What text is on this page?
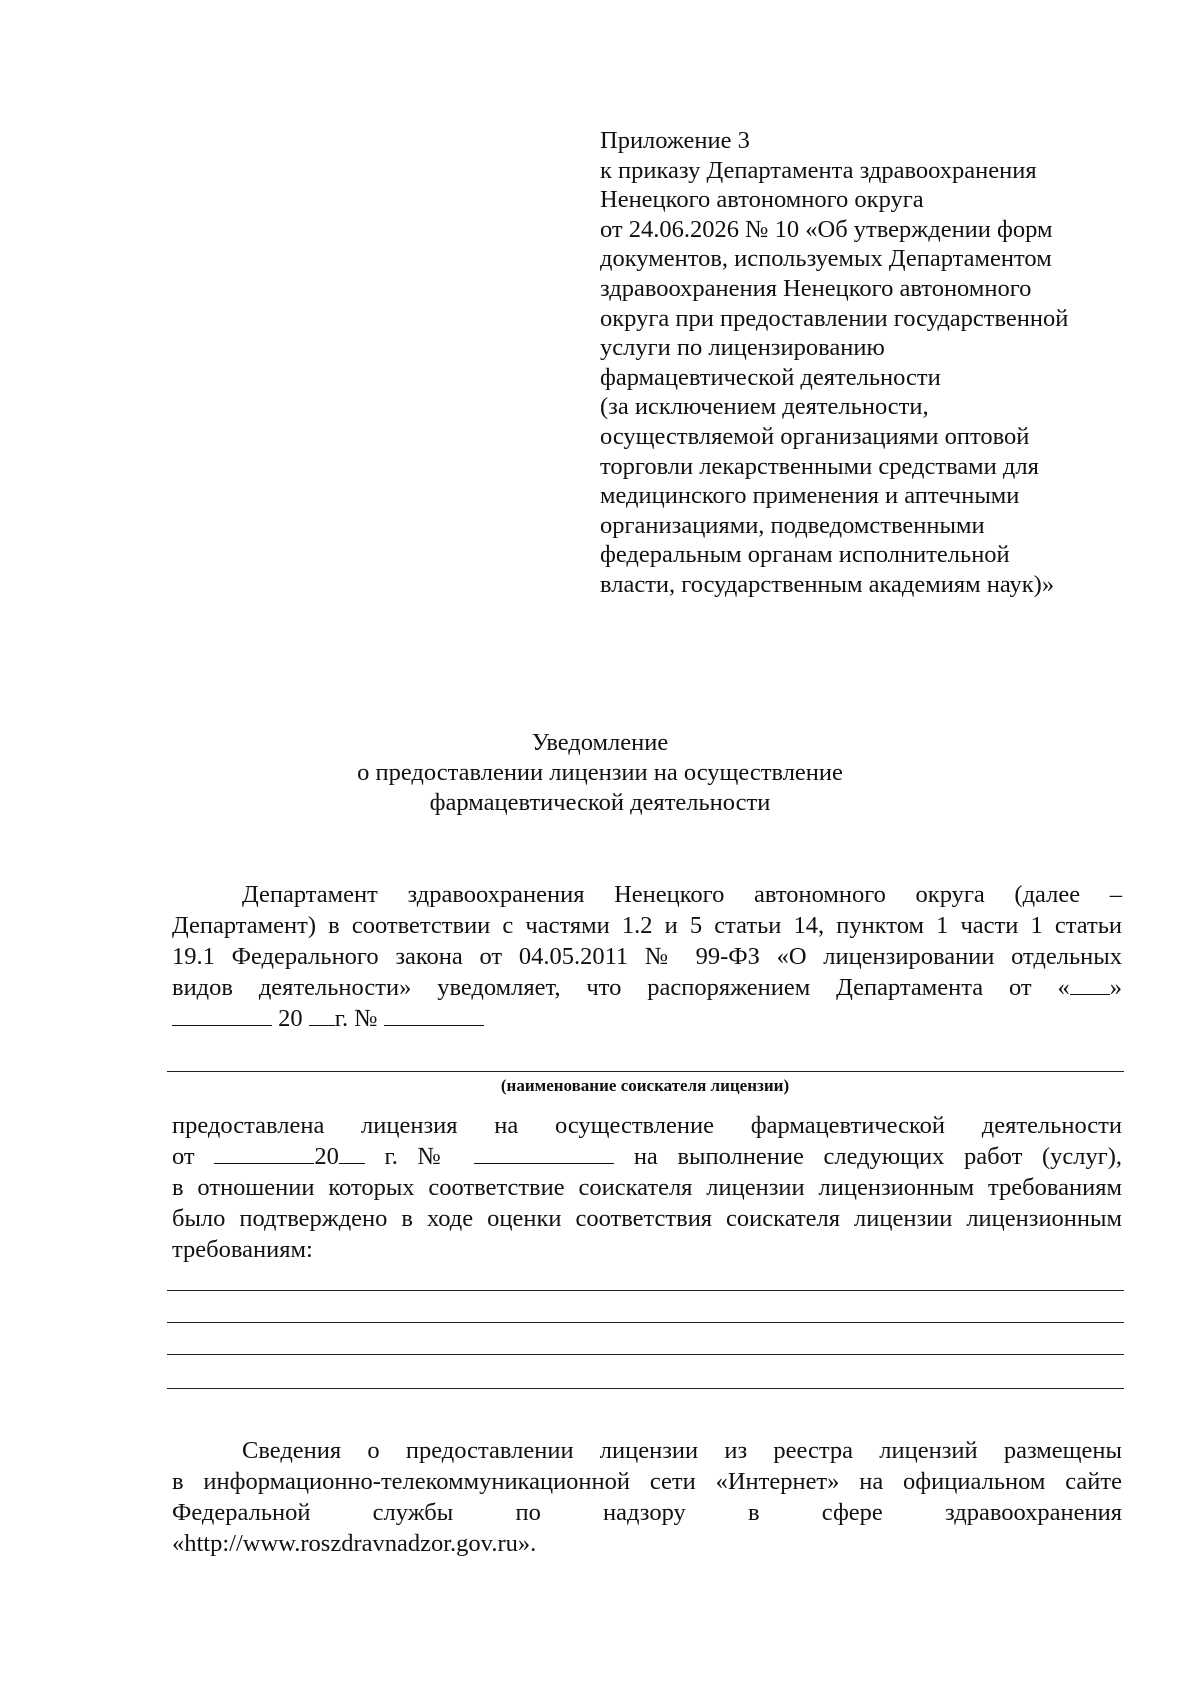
Приложение 3
к приказу Департамента здравоохранения
Ненецкого автономного округа
от 24.06.2026 № 10 «Об утверждении форм
документов, используемых Департаментом
здравоохранения Ненецкого автономного
округа при предоставлении государственной
услуги по лицензированию
фармацевтической деятельности
(за исключением деятельности,
осуществляемой организациями оптовой
торговли лекарственными средствами для
медицинского применения и аптечными
организациями, подведомственными
федеральным органам исполнительной
власти, государственным академиям наук)»
Уведомление
о предоставлении лицензии на осуществление
фармацевтической деятельности
Департамент здравоохранения Ненецкого автономного округа (далее –
Департамент) в соответствии с частями 1.2 и 5 статьи 14, пунктом 1 части 1 статьи
19.1 Федерального закона от 04.05.2011 № 99-ФЗ «О лицензировании отдельных
видов деятельности» уведомляет, что распоряжением Департамента от « »
20 г. №
(наименование соискателя лицензии)
предоставлена лицензия на осуществление фармацевтической деятельности
от	20 г. №	на выполнение следующих работ (услуг),
в отношении которых соответствие соискателя лицензии лицензионным требованиям
было подтверждено в ходе оценки соответствия соискателя лицензии лицензионным
требованиям:
Сведения о предоставлении лицензии из реестра лицензий размещены
в информационно-телекоммуникационной сети «Интернет» на официальном сайте
Федеральной службы по надзору в сфере здравоохранения
«http://www.roszdravnadzor.gov.ru».
